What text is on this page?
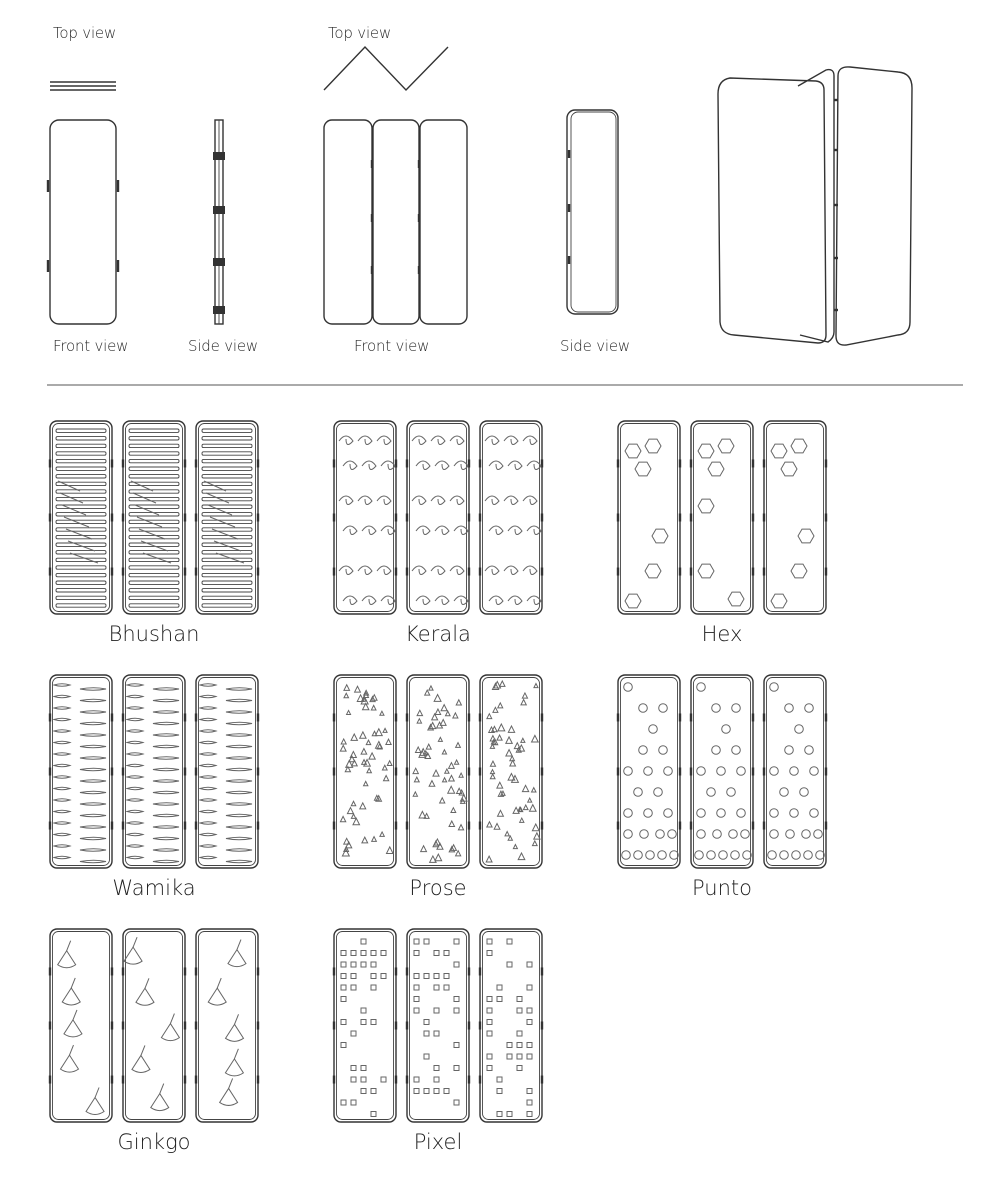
Top view
Front view	Side view
Top view
Front view	Side view
Bhushan	Kerala	Hex
Wamika	Prose	Punto
Ginkgo	Pixel
